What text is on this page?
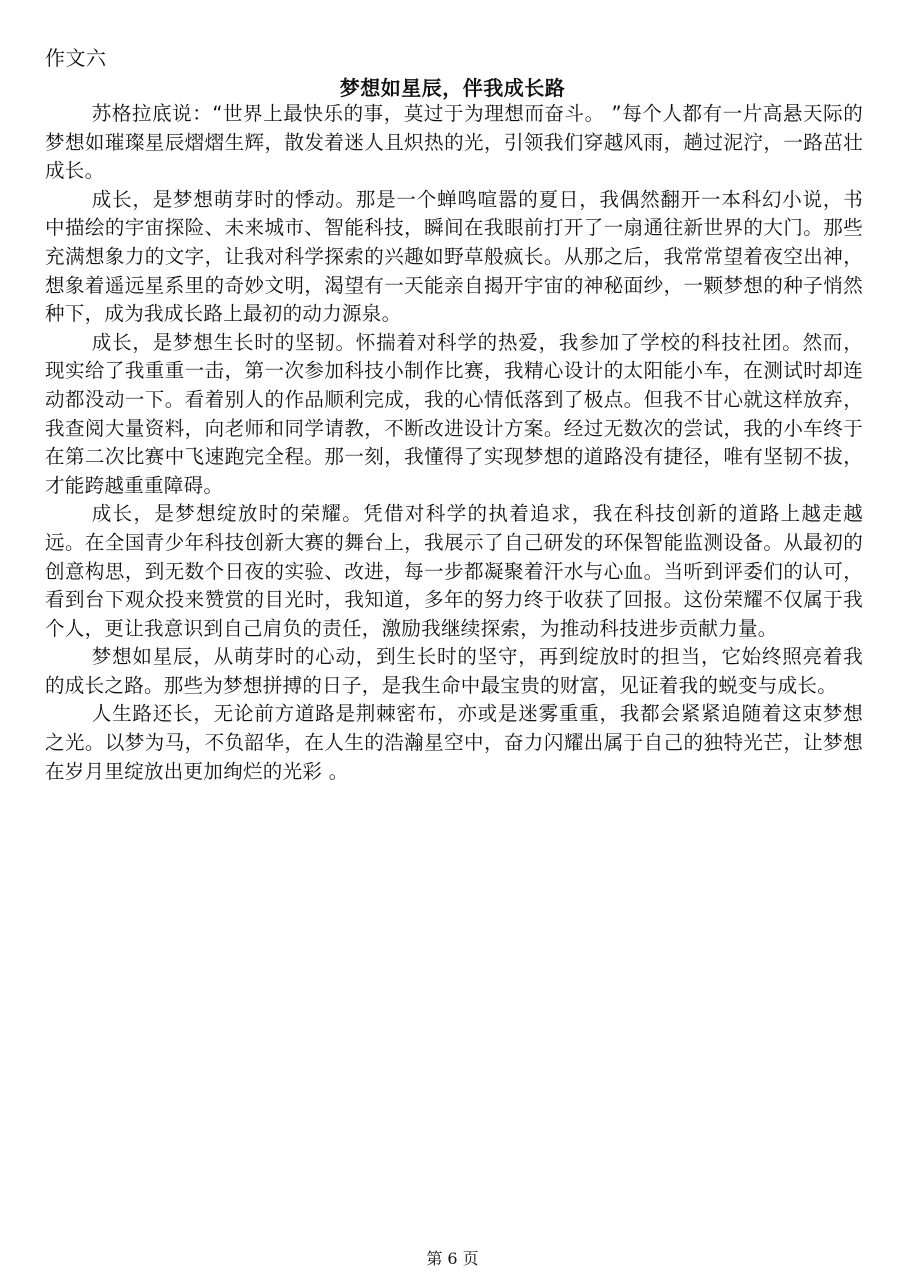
作文六
梦想如星辰，伴我成长路

苏格拉底说：“世界上最快乐的事，莫过于为理想而奋斗。 ”每个人都有一片高悬天际的梦想如璀璨星辰熠熠生辉，散发着迷人且炽热的光，引领我们穿越风雨，趟过泥泞，一路茁壮成长。

成长，是梦想萌芽时的悸动。那是一个蝉鸣喧嚣的夏日，我偶然翻开一本科幻小说，书中描绘的宇宙探险、未来城市、智能科技，瞬间在我眼前打开了一扇通往新世界的大门。那些充满想象力的文字，让我对科学探索的兴趣如野草般疯长。从那之后，我常常望着夜空出神，想象着遥远星系里的奇妙文明，渴望有一天能亲自揭开宇宙的神秘面纱，一颗梦想的种子悄然种下，成为我成长路上最初的动力源泉。

成长，是梦想生长时的坚韧。怀揣着对科学的热爱，我参加了学校的科技社团。然而，现实给了我重重一击，第一次参加科技小制作比赛，我精心设计的太阳能小车，在测试时却连动都没动一下。看着别人的作品顺利完成，我的心情低落到了极点。但我不甘心就这样放弃，我查阅大量资料，向老师和同学请教，不断改进设计方案。经过无数次的尝试，我的小车终于在第二次比赛中飞速跑完全程。那一刻，我懂得了实现梦想的道路没有捷径，唯有坚韧不拔，才能跨越重重障碍。

成长，是梦想绽放时的荣耀。凭借对科学的执着追求，我在科技创新的道路上越走越远。在全国青少年科技创新大赛的舞台上，我展示了自己研发的环保智能监测设备。从最初的创意构思，到无数个日夜的实验、改进，每一步都凝聚着汗水与心血。当听到评委们的认可，看到台下观众投来赞赏的目光时，我知道，多年的努力终于收获了回报。这份荣耀不仅属于我个人，更让我意识到自己肩负的责任，激励我继续探索，为推动科技进步贡献力量。

梦想如星辰，从萌芽时的心动，到生长时的坚守，再到绽放时的担当，它始终照亮着我的成长之路。那些为梦想拼搏的日子，是我生命中最宝贵的财富，见证着我的蜕变与成长。

人生路还长，无论前方道路是荆棘密布，亦或是迷雾重重，我都会紧紧追随着这束梦想之光。以梦为马，不负韶华，在人生的浩瀚星空中，奋力闪耀出属于自己的独特光芒，让梦想在岁月里绽放出更加绚烂的光彩 。

第 6 页
